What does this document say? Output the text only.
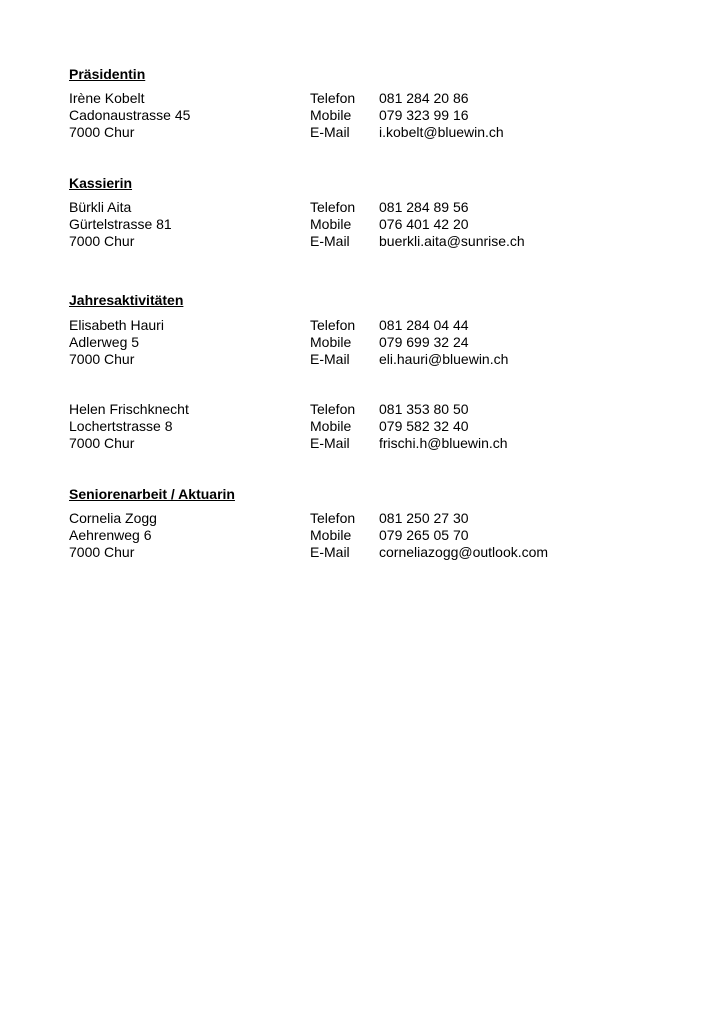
Präsidentin
Irène Kobelt	Telefon 081 284 20 86
Cadonaustrasse 45	Mobile 079 323 99 16
7000 Chur	E-Mail i.kobelt@bluewin.ch
Kassierin
Bürkli Aita	Telefon 081 284 89 56
Gürtelstrasse 81	Mobile 076 401 42 20
7000 Chur	E-Mail buerkli.aita@sunrise.ch
Jahresaktivitäten
Elisabeth Hauri	Telefon 081 284 04 44
Adlerweg 5	Mobile 079 699 32 24
7000 Chur	E-Mail eli.hauri@bluewin.ch
Helen Frischknecht	Telefon 081 353 80 50
Lochertstrasse 8	Mobile 079 582 32 40
7000 Chur	E-Mail frischi.h@bluewin.ch
Seniorenarbeit / Aktuarin
Cornelia Zogg	Telefon 081 250 27 30
Aehrenweg 6	Mobile 079 265 05 70
7000 Chur	E-Mail corneliazogg@outlook.com
